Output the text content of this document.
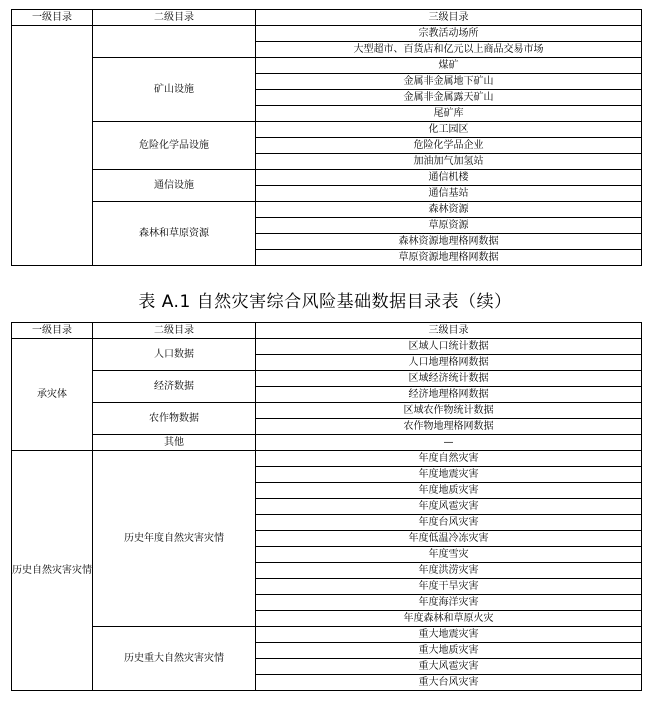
一级目录	二级目录	三级目录
		宗教活动场所
		大型超市、百货店和亿元以上商品交易市场
	矿山设施	煤矿
		金属非金属地下矿山
		金属非金属露天矿山
		尾矿库
	危险化学品设施	化工园区
		危险化学品企业
		加油加气加氢站
	通信设施	通信机楼
		通信基站
	森林和草原资源	森林资源
		草原资源
		森林资源地理格网数据
		草原资源地理格网数据
表 A.1 自然灾害综合风险基础数据目录表（续）
一级目录	二级目录	三级目录
承灾体	人口数据	区域人口统计数据
		人口地理格网数据
	经济数据	区域经济统计数据
		经济地理格网数据
	农作物数据	区域农作物统计数据
		农作物地理格网数据
	其他	—
历史自然灾害灾情	历史年度自然灾害灾情	年度自然灾害
		年度地震灾害
		年度地质灾害
		年度风雹灾害
		年度台风灾害
		年度低温冷冻灾害
		年度雪灾
		年度洪涝灾害
		年度干旱灾害
		年度海洋灾害
		年度森林和草原火灾
	历史重大自然灾害灾情	重大地震灾害
		重大地质灾害
		重大风雹灾害
		重大台风灾害
